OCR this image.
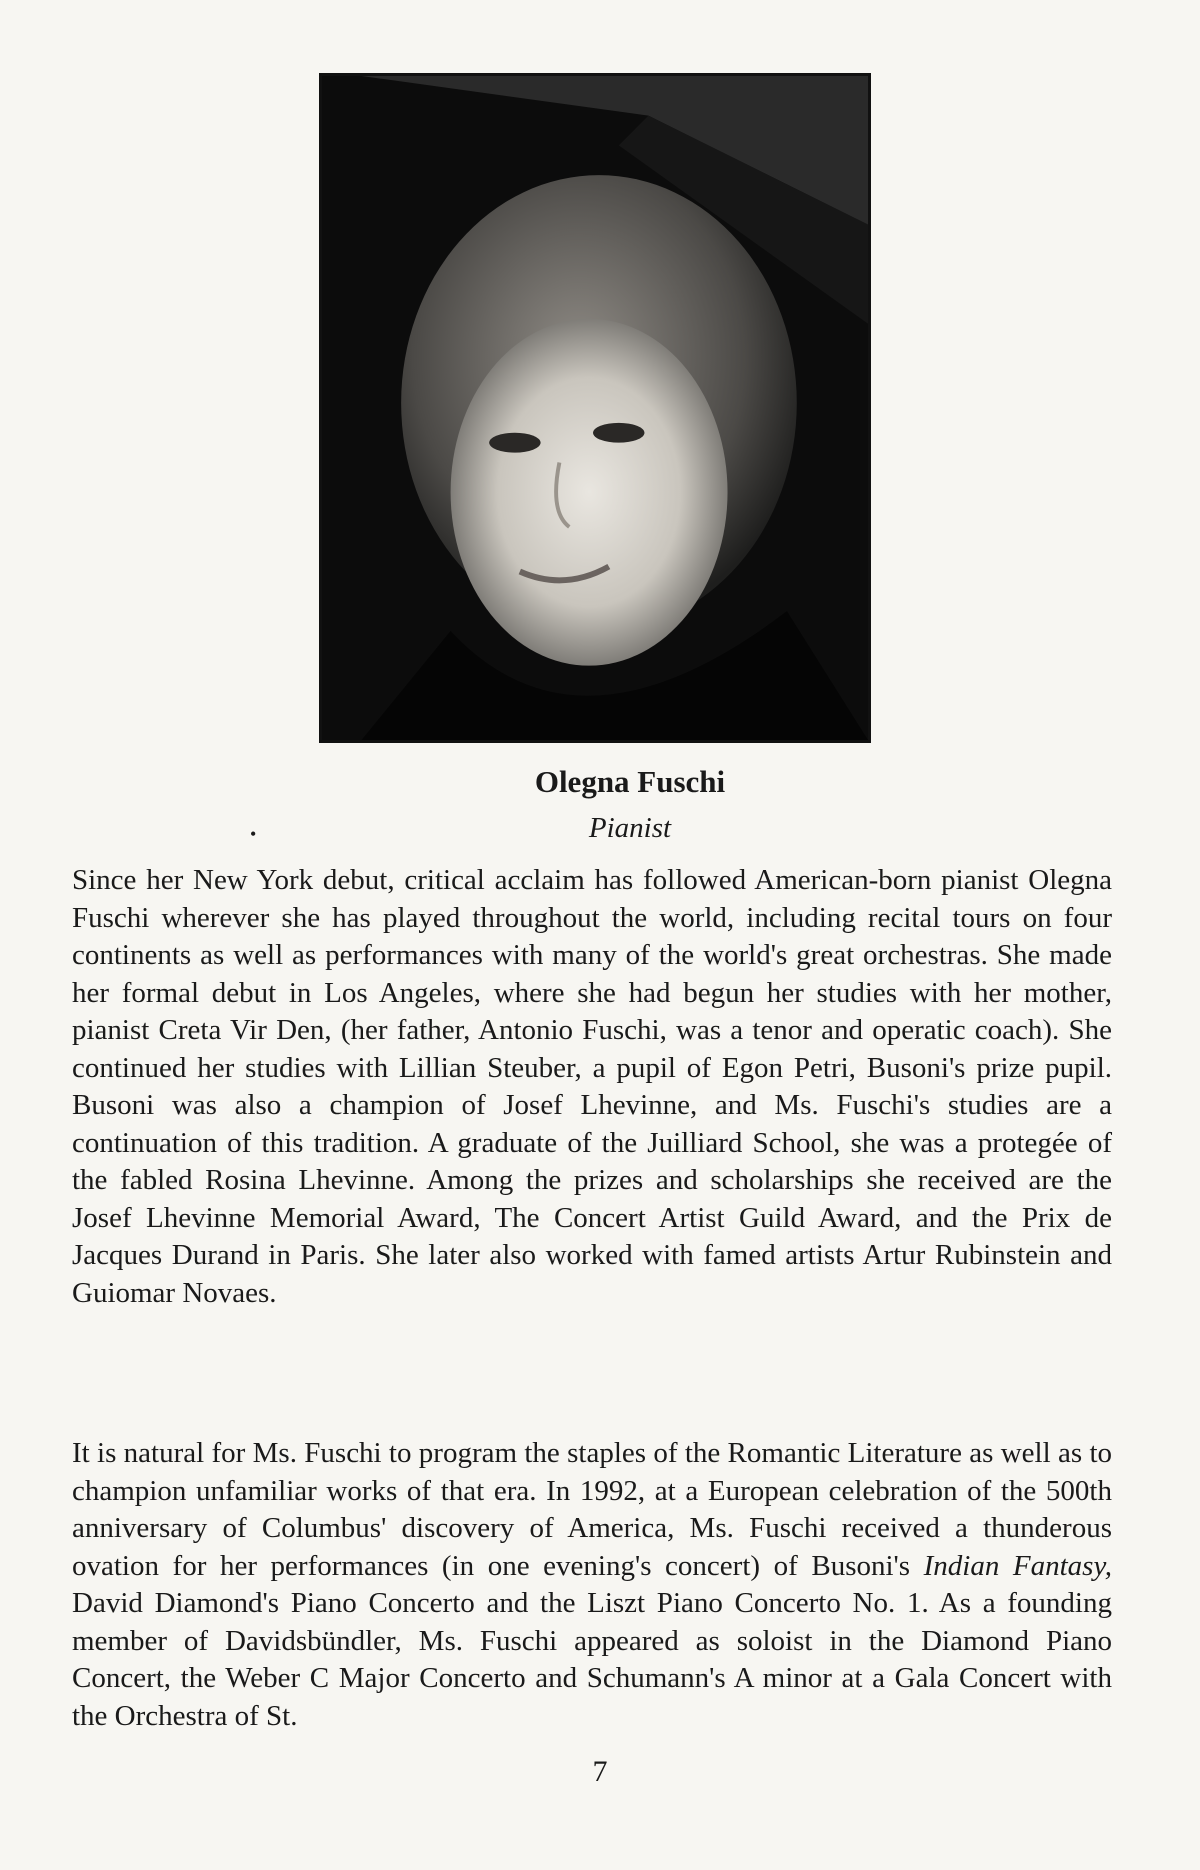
Olegna Fuschi
•	Pianist

Since her New York debut, critical acclaim has followed American-born pianist Olegna Fuschi wherever she has played throughout the world, including recital tours on four continents as well as performances with many of the world's great orchestras. She made her formal debut in Los Angeles, where she had begun her studies with her mother, pianist Creta Vir Den, (her father, Antonio Fuschi, was a tenor and operatic coach). She continued her studies with Lillian Steuber, a pupil of Egon Petri, Busoni's prize pupil. Busoni was also a champion of Josef Lhevinne, and Ms. Fuschi's studies are a continuation of this tradition. A graduate of the Juilliard School, she was a protegée of the fabled Rosina Lhevinne. Among the prizes and scholarships she received are the Josef Lhevinne Memorial Award, The Concert Artist Guild Award, and the Prix de Jacques Durand in Paris. She later also worked with famed artists Artur Rubinstein and Guiomar Novaes.

It is natural for Ms. Fuschi to program the staples of the Romantic Literature as well as to champion unfamiliar works of that era. In 1992, at a European celebration of the 500th anniversary of Columbus' discovery of America, Ms. Fuschi received a thunderous ovation for her performances (in one evening's concert) of Busoni's Indian Fantasy, David Diamond's Piano Concerto and the Liszt Piano Concerto No. 1. As a founding member of Davidsbündler, Ms. Fuschi appeared as soloist in the Diamond Piano Concert, the Weber C Major Concerto and Schumann's A minor at a Gala Concert with the Orchestra of St.

7
